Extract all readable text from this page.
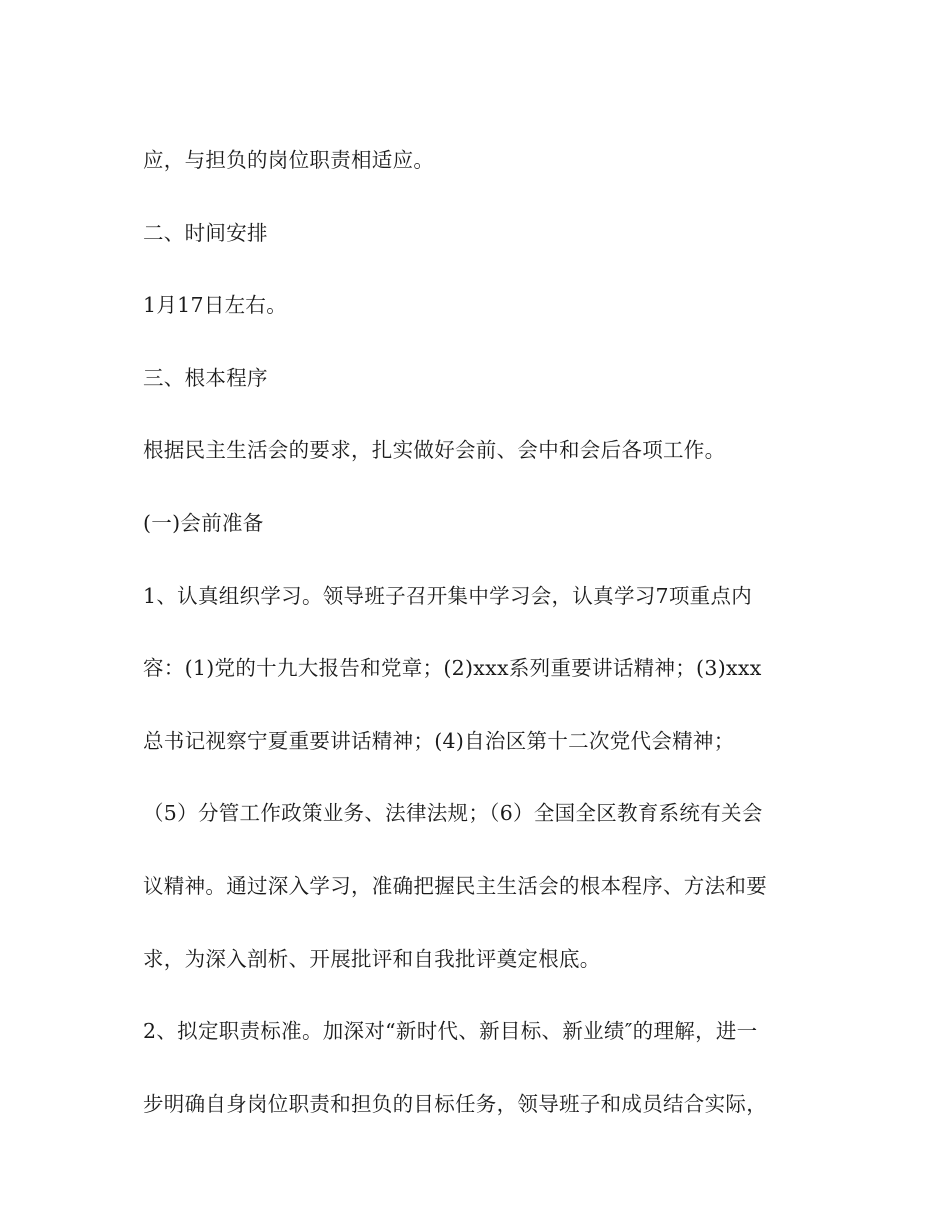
应，与担负的岗位职责相适应。
二、时间安排
1月17日左右。
三、根本程序
根据民主生活会的要求，扎实做好会前、会中和会后各项工作。
(一)会前准备
1、认真组织学习。领导班子召开集中学习会，认真学习7项重点内
容：(1)党的十九大报告和党章；(2)xxx系列重要讲话精神；(3)xxx
总书记视察宁夏重要讲话精神；(4)自治区第十二次党代会精神；
（5）分管工作政策业务、法律法规；（6）全国全区教育系统有关会
议精神。通过深入学习，准确把握民主生活会的根本程序、方法和要
求，为深入剖析、开展批评和自我批评奠定根底。
2、拟定职责标准。加深对“新时代、新目标、新业绩″的理解，进一
步明确自身岗位职责和担负的目标任务，领导班子和成员结合实际，
